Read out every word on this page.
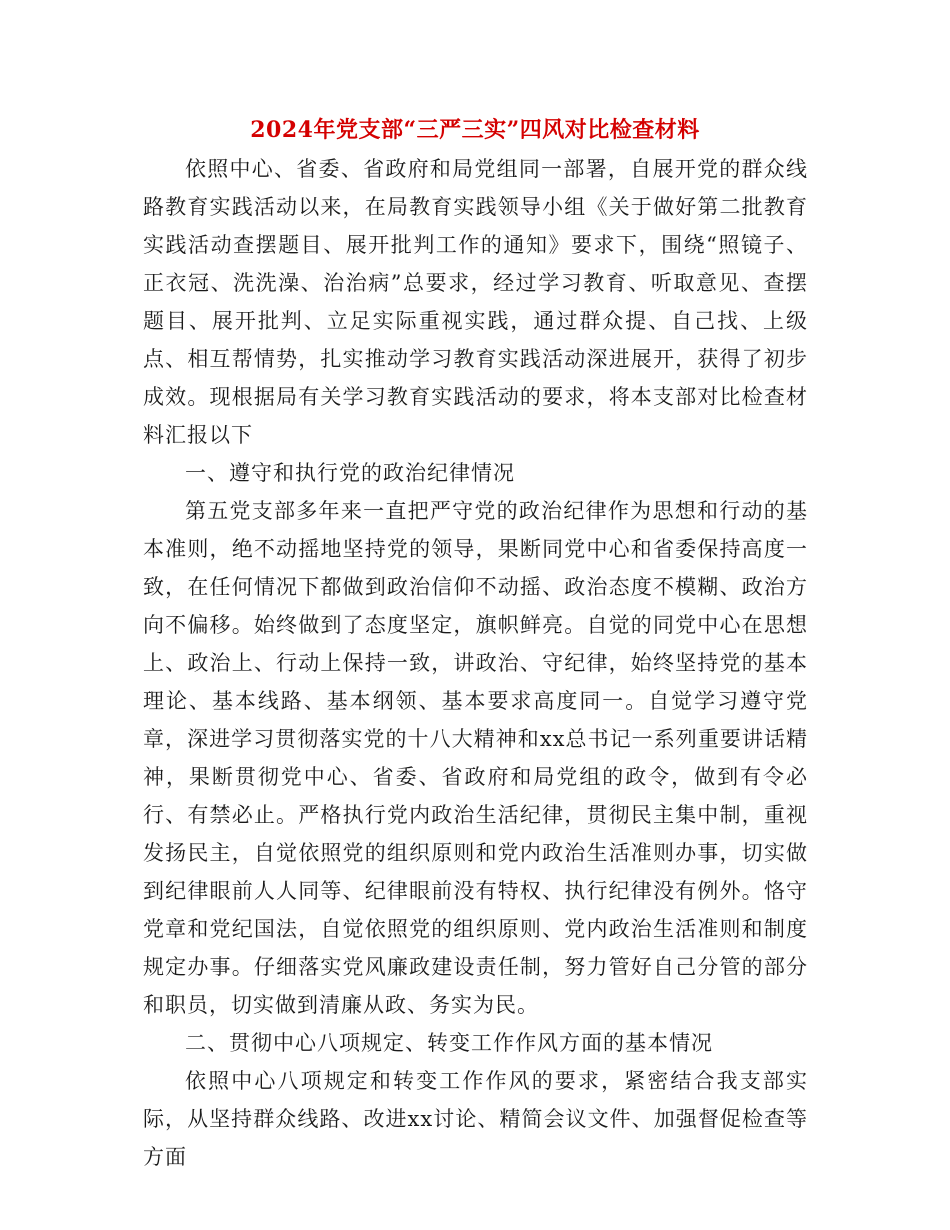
2024年党支部“三严三实”四风对比检查材料

依照中心、省委、省政府和局党组同一部署，自展开党的群众线路教育实践活动以来，在局教育实践领导小组《关于做好第二批教育实践活动查摆题目、展开批判工作的通知》要求下，围绕“照镜子、正衣冠、洗洗澡、治治病”总要求，经过学习教育、听取意见、查摆题目、展开批判、立足实际重视实践，通过群众提、自己找、上级点、相互帮情势，扎实推动学习教育实践活动深进展开，获得了初步成效。现根据局有关学习教育实践活动的要求，将本支部对比检查材料汇报以下

一、遵守和执行党的政治纪律情况

第五党支部多年来一直把严守党的政治纪律作为思想和行动的基本准则，绝不动摇地坚持党的领导，果断同党中心和省委保持高度一致，在任何情况下都做到政治信仰不动摇、政治态度不模糊、政治方向不偏移。始终做到了态度坚定，旗帜鲜亮。自觉的同党中心在思想上、政治上、行动上保持一致，讲政治、守纪律，始终坚持党的基本理论、基本线路、基本纲领、基本要求高度同一。自觉学习遵守党章，深进学习贯彻落实党的十八大精神和xx总书记一系列重要讲话精神，果断贯彻党中心、省委、省政府和局党组的政令，做到有令必行、有禁必止。严格执行党内政治生活纪律，贯彻民主集中制，重视发扬民主，自觉依照党的组织原则和党内政治生活准则办事，切实做到纪律眼前人人同等、纪律眼前没有特权、执行纪律没有例外。恪守党章和党纪国法，自觉依照党的组织原则、党内政治生活准则和制度规定办事。仔细落实党风廉政建设责任制，努力管好自己分管的部分和职员，切实做到清廉从政、务实为民。

二、贯彻中心八项规定、转变工作作风方面的基本情况

依照中心八项规定和转变工作作风的要求，紧密结合我支部实际，从坚持群众线路、改进xx讨论、精简会议文件、加强督促检查等方面
